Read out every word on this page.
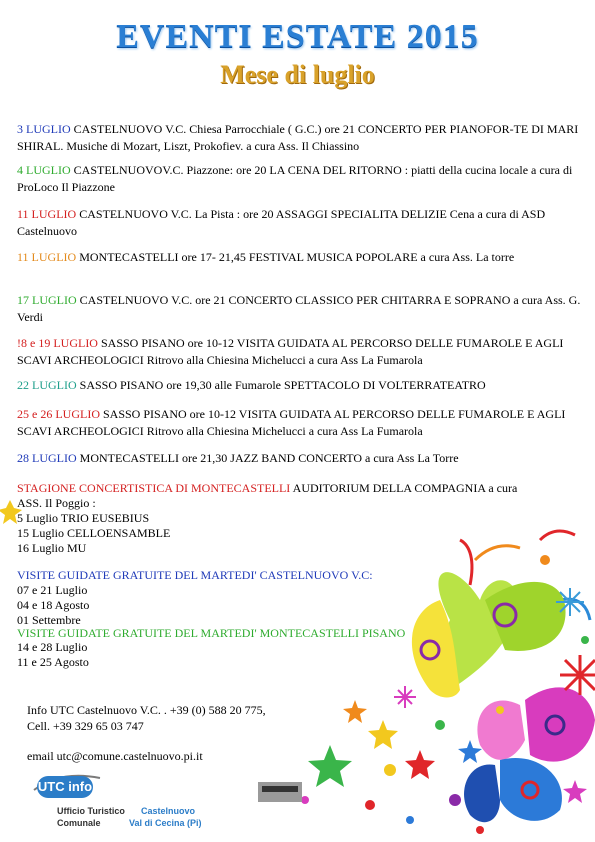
EVENTI ESTATE 2015
Mese di luglio
3 LUGLIO CASTELNUOVO V.C. Chiesa Parrocchiale ( G.C.) ore 21 CONCERTO PER PIANOFOR-TE DI MARI SHIRAL. Musiche di Mozart, Liszt, Prokofiev. a cura Ass. Il Chiassino
4 LUGLIO CASTELNUOVOV.C. Piazzone: ore 20 LA CENA DEL RITORNO : piatti della cucina locale a cura di ProLoco Il Piazzone
11 LUGLIO CASTELNUOVO V.C. La Pista : ore 20 ASSAGGI SPECIALITA DELIZIE Cena a cura di ASD Castelnuovo
11 LUGLIO MONTECASTELLI ore 17- 21,45 FESTIVAL MUSICA POPOLARE a cura Ass. La torre
17 LUGLIO CASTELNUOVO V.C. ore 21 CONCERTO CLASSICO PER CHITARRA E SOPRANO a cura Ass. G. Verdi
!8 e 19 LUGLIO SASSO PISANO ore 10-12 VISITA GUIDATA AL PERCORSO DELLE FUMAROLE E AGLI SCAVI ARCHEOLOGICI Ritrovo alla Chiesina Michelucci a cura Ass La Fumarola
22 LUGLIO SASSO PISANO ore 19,30 alle Fumarole SPETTACOLO DI VOLTERRATEATRO
25 e 26 LUGLIO SASSO PISANO ore 10-12 VISITA GUIDATA AL PERCORSO DELLE FUMAROLE E AGLI SCAVI ARCHEOLOGICI Ritrovo alla Chiesina Michelucci a cura Ass La Fumarola
28 LUGLIO MONTECASTELLI ore 21,30 JAZZ BAND CONCERTO a cura Ass La Torre
STAGIONE CONCERTISTICA DI MONTECASTELLI AUDITORIUM DELLA COMPAGNIA a cura
ASS. Il Poggio :
5 Luglio TRIO EUSEBIUS
15 Luglio CELLOENSAMBLE
16 Luglio MU
VISITE GUIDATE GRATUITE DEL MARTEDI' CASTELNUOVO V.C:
07 e 21 Luglio
04 e 18 Agosto
01 Settembre
VISITE GUIDATE GRATUITE DEL MARTEDI' MONTECASTELLI PISANO
14 e 28 Luglio
11 e 25 Agosto
Info UTC Castelnuovo V.C. . +39 (0) 588 20 775,
Cell. +39 329 65 03 747
email utc@comune.castelnuovo.pi.it
UTC info
Ufficio Turistico Castelnuovo
Comunale	Val di Cecina (Pi)
